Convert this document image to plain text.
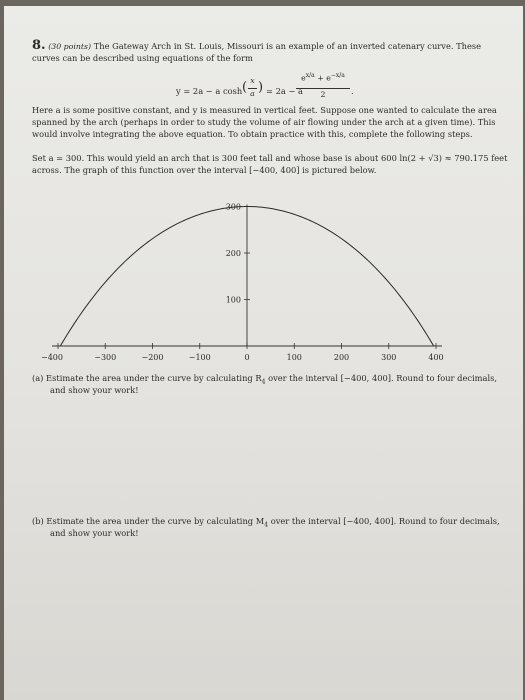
8. (30 points) The Gateway Arch in St. Louis, Missouri is an example of an inverted catenary curve. These
curves can be described using equations of the form
y = 2a − a cosh ( x
a ) = 2a − a
$e^{x/a} + e^{-x/a}$
2	.
Here a is some positive constant, and y is measured in vertical feet. Suppose one wanted to calculate the area
spanned by the arch (perhaps in order to study the volume of air flowing under the arch at a given time). This
would involve integrating the above equation. To obtain practice with this, complete the following steps.
Set a = 300. This would yield an arch that is 300 feet tall and whose base is about 600 ln(2 + √3) ≈ 790.175 feet
across. The graph of this function over the interval [−400, 400] is pictured below.
−400	−300	−200	−100	0	100	200	300	400
100
200
300
(a) Estimate the area under the curve by calculating $R_4$ over the interval [−400, 400]. Round to four decimals,
and show your work!
(b) Estimate the area under the curve by calculating $M_4$ over the interval [−400, 400]. Round to four decimals,
and show your work!
